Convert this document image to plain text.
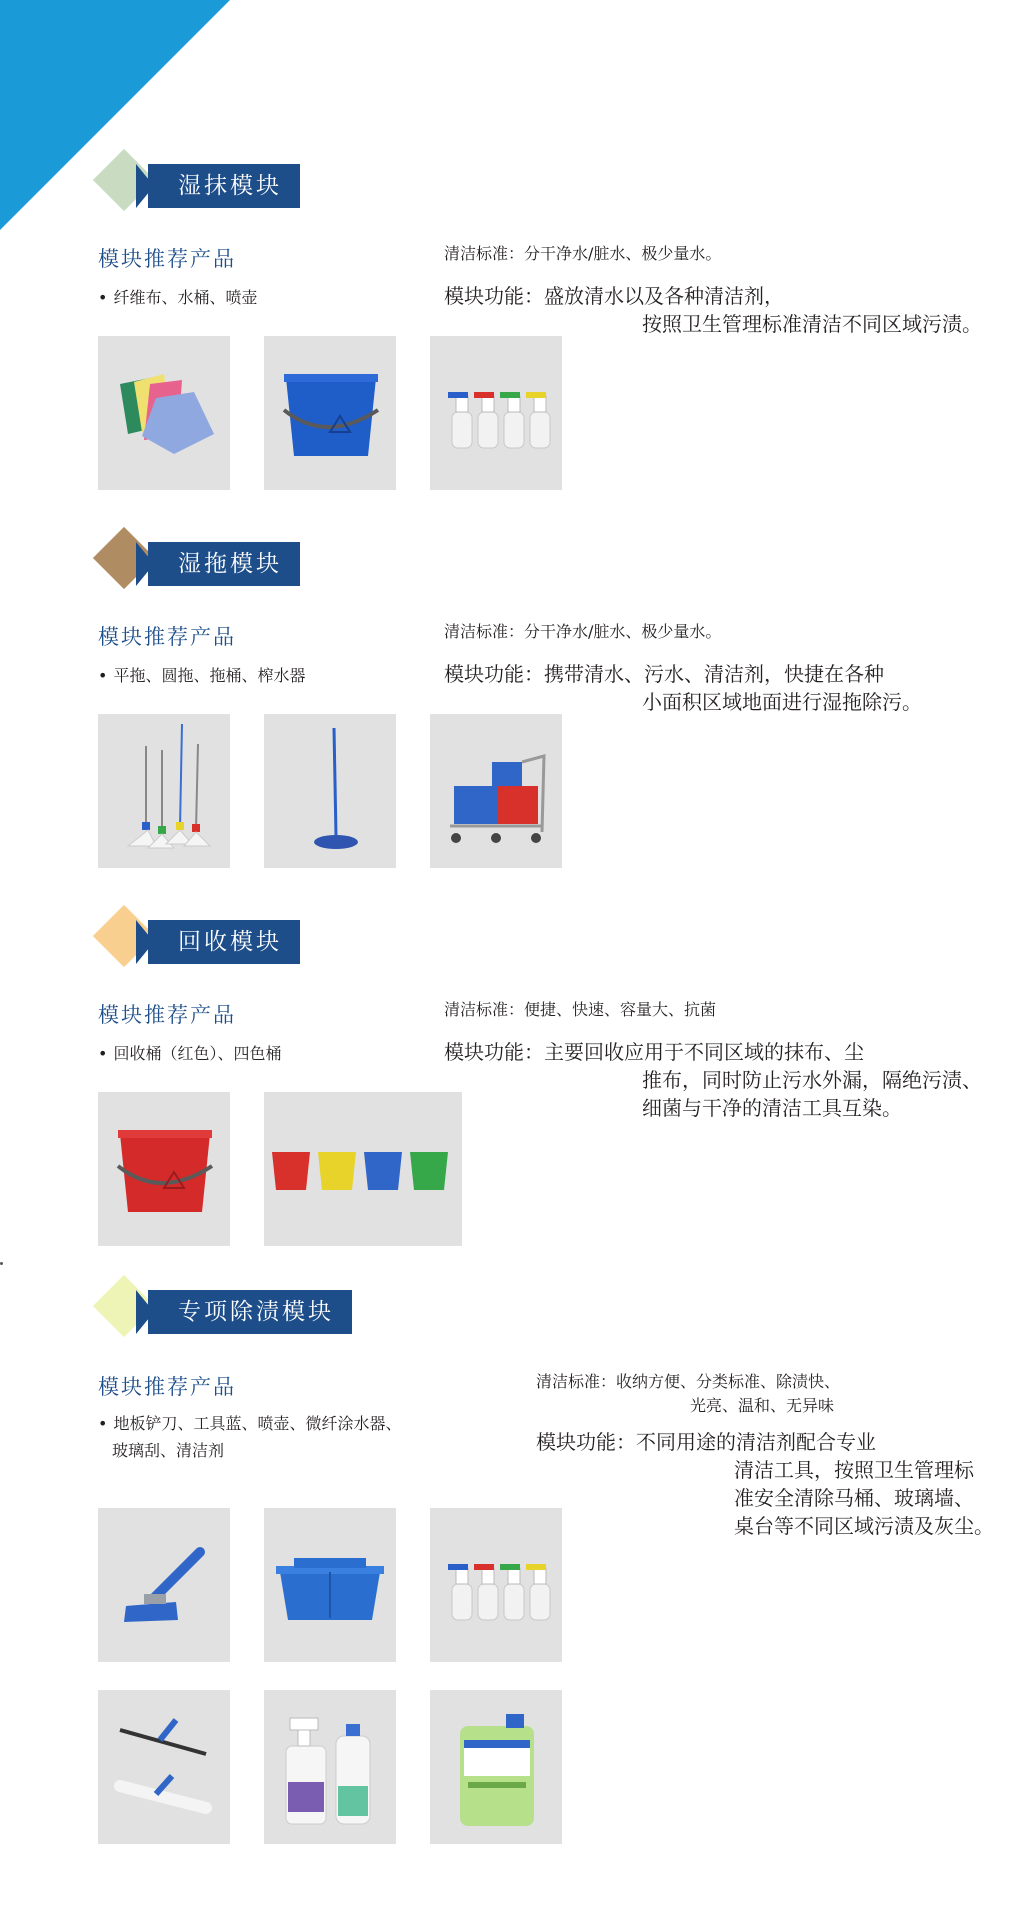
湿抹模块
模块推荐产品
• 纤维布、水桶、喷壶
清洁标准：分干净水/脏水、极少量水。
模块功能：盛放清水以及各种清洁剂，
按照卫生管理标准清洁不同区域污渍。
湿拖模块
模块推荐产品
• 平拖、圆拖、拖桶、榨水器
清洁标准：分干净水/脏水、极少量水。
模块功能：携带清水、污水、清洁剂，快捷在各种
小面积区域地面进行湿拖除污。
回收模块
模块推荐产品
• 回收桶（红色）、四色桶
清洁标准：便捷、快速、容量大、抗菌
模块功能：主要回收应用于不同区域的抹布、尘
推布，同时防止污水外漏，隔绝污渍、
细菌与干净的清洁工具互染。
专项除渍模块
模块推荐产品
• 地板铲刀、工具蓝、喷壶、微纤涂水器、
玻璃刮、清洁剂
清洁标准：收纳方便、分类标准、除渍快、
光亮、温和、无异味
模块功能：不同用途的清洁剂配合专业
清洁工具，按照卫生管理标
准安全清除马桶、玻璃墙、
桌台等不同区域污渍及灰尘。
